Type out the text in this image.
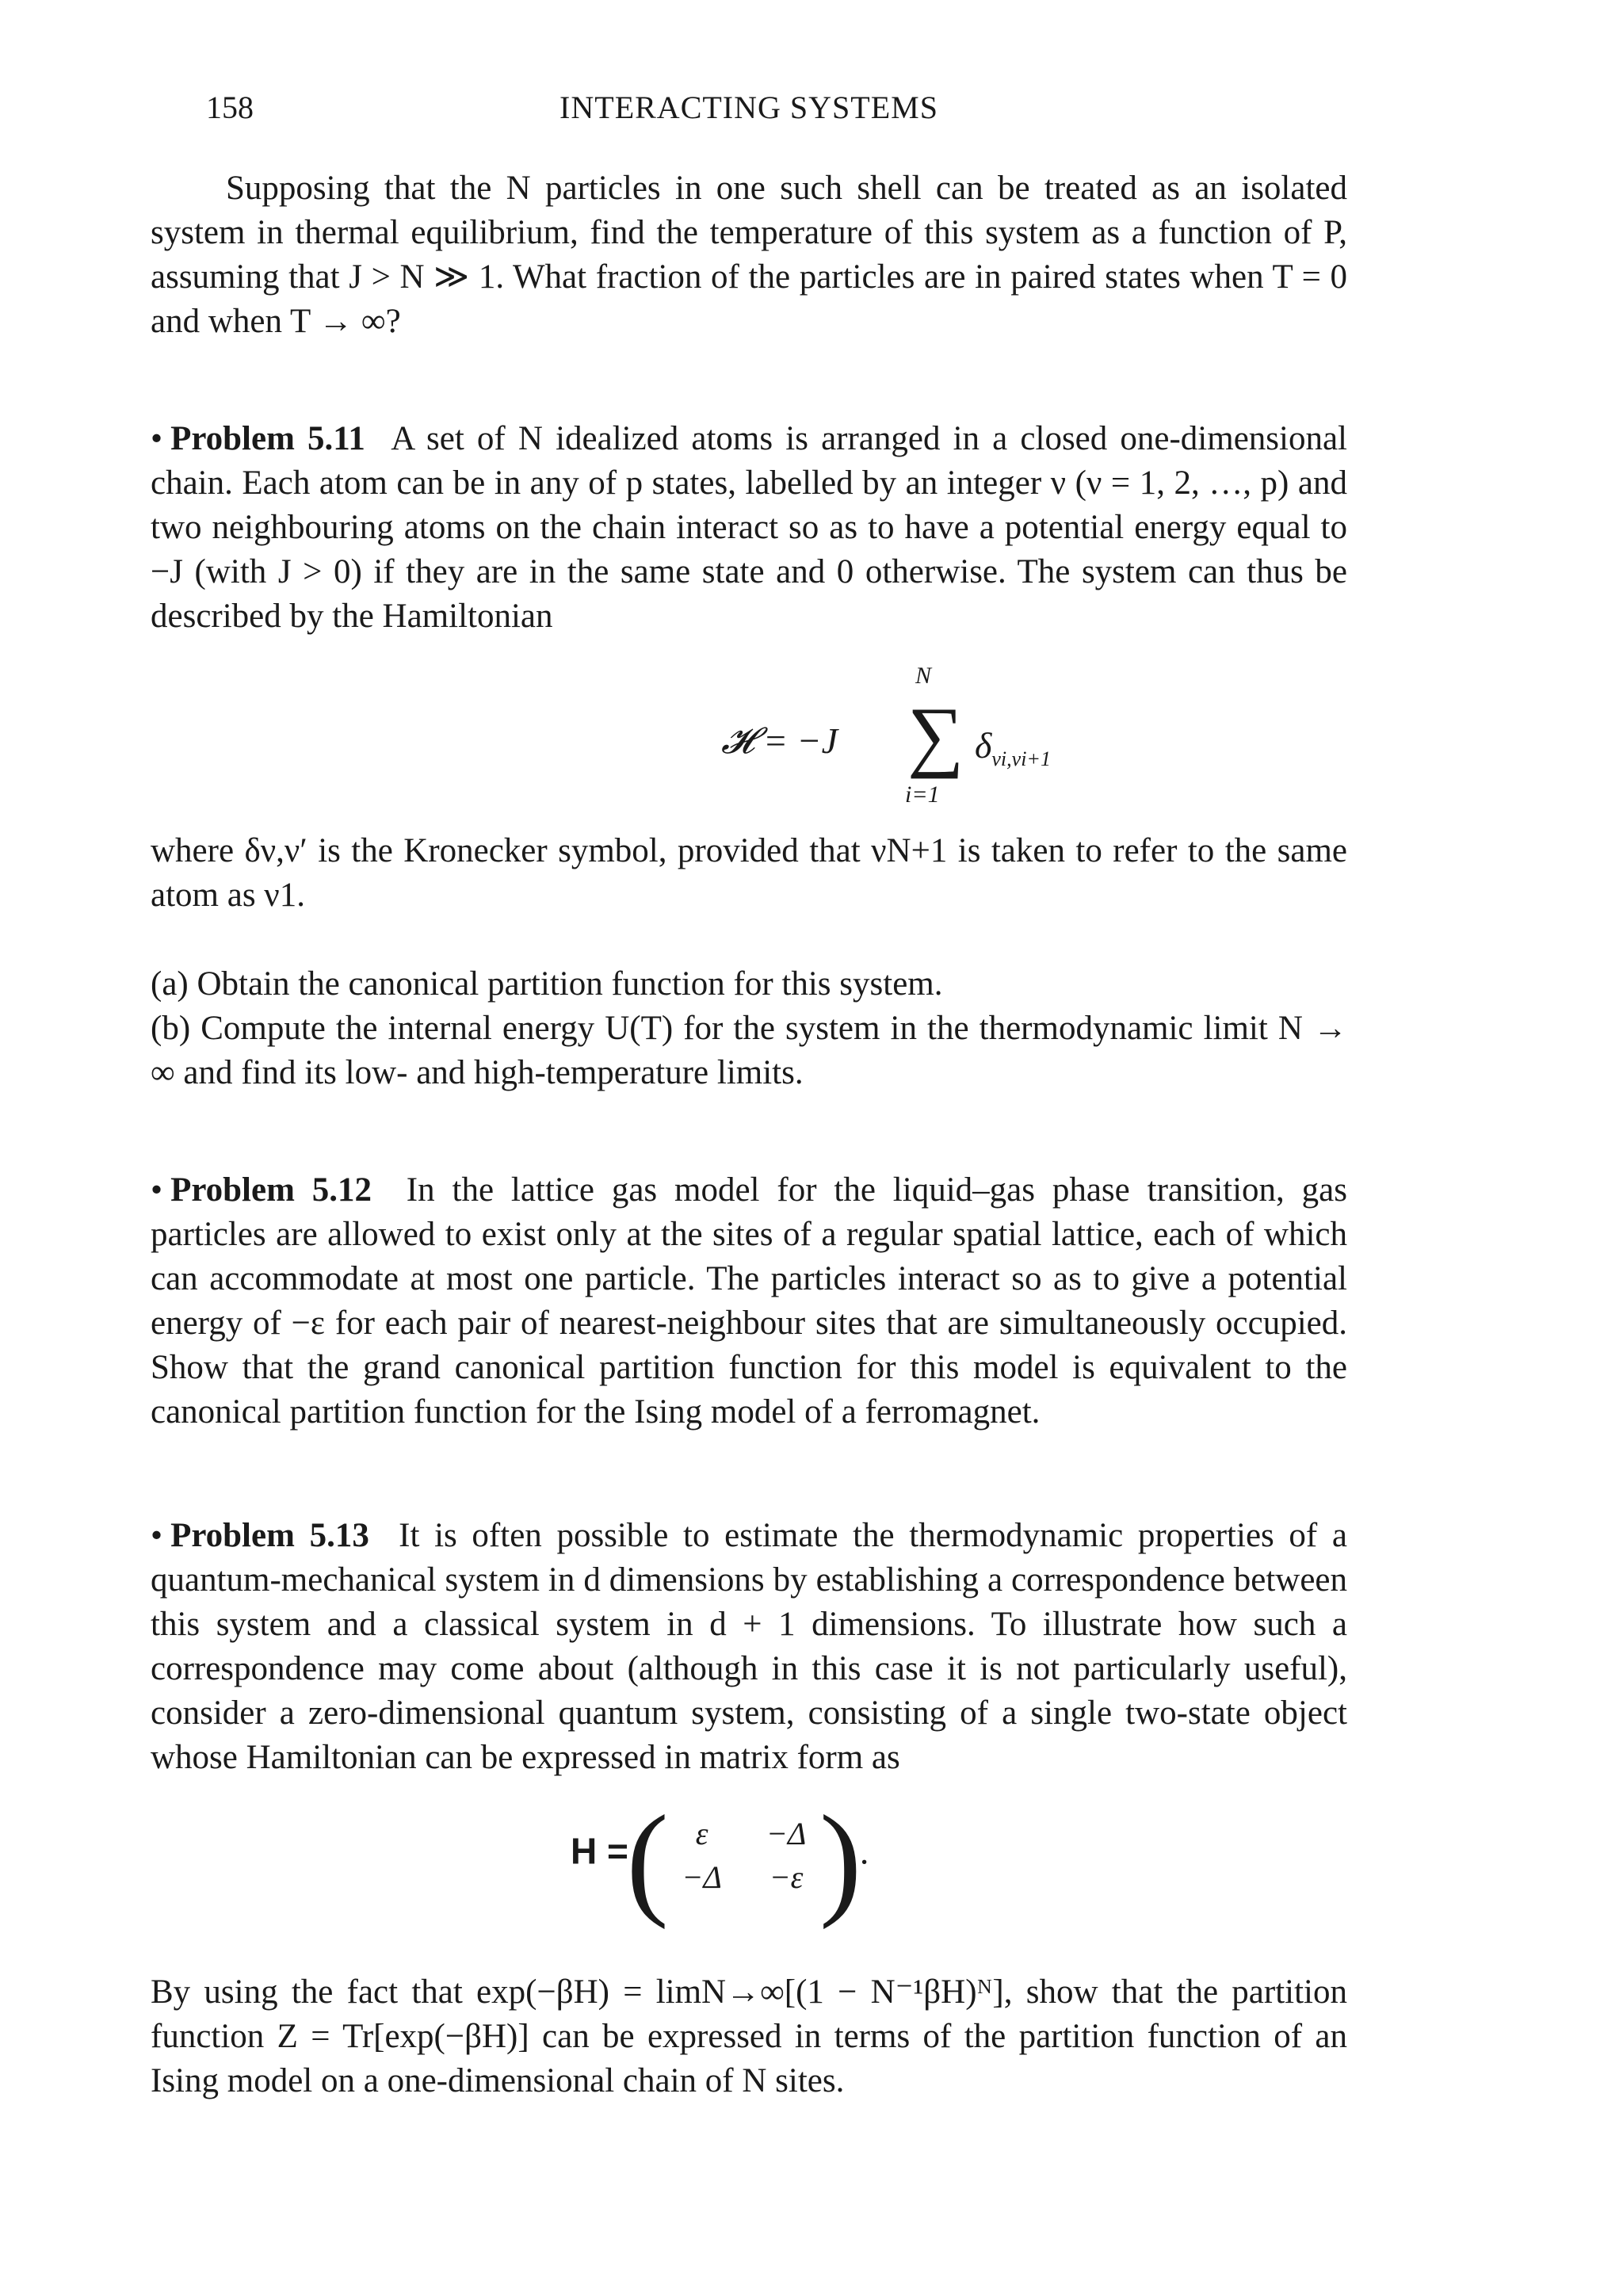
158	INTERACTING SYSTEMS

Supposing that the N particles in one such shell can be treated as an isolated system in thermal equilibrium, find the temperature of this system as a function of P, assuming that J > N ≫ 1. What fraction of the particles are in paired states when T = 0 and when T → ∞?

• Problem 5.11 A set of N idealized atoms is arranged in a closed one-dimensional chain. Each atom can be in any of p states, labelled by an integer ν (ν = 1, 2, …, p) and two neighbouring atoms on the chain interact so as to have a potential energy equal to −J (with J > 0) if they are in the same state and 0 otherwise. The system can thus be described by the Hamiltonian

𝓗 = −J
N
∑
i=1
$\delta_{\nu i,\nu i+1}$

where δν,ν′ is the Kronecker symbol, provided that νN+1 is taken to refer to the same atom as ν1.

(a) Obtain the canonical partition function for this system.

(b) Compute the internal energy U(T) for the system in the thermodynamic limit N → ∞ and find its low- and high-temperature limits.

• Problem 5.12 In the lattice gas model for the liquid–gas phase transition, gas particles are allowed to exist only at the sites of a regular spatial lattice, each of which can accommodate at most one particle. The particles interact so as to give a potential energy of −ε for each pair of nearest-neighbour sites that are simultaneously occupied. Show that the grand canonical partition function for this model is equivalent to the canonical partition function for the Ising model of a ferromagnet.

• Problem 5.13 It is often possible to estimate the thermodynamic properties of a quantum-mechanical system in d dimensions by establishing a correspondence between this system and a classical system in d + 1 dimensions. To illustrate how such a correspondence may come about (although in this case it is not particularly useful), consider a zero-dimensional quantum system, consisting of a single two-state object whose Hamiltonian can be expressed in matrix form as

H =
( ε	−Δ
−Δ	−ε )
.

By using the fact that exp(−βH) = limN→∞[(1 − N⁻¹βH)ᴺ], show that the partition function Z = Tr[exp(−βH)] can be expressed in terms of the partition function of an Ising model on a one-dimensional chain of N sites.
